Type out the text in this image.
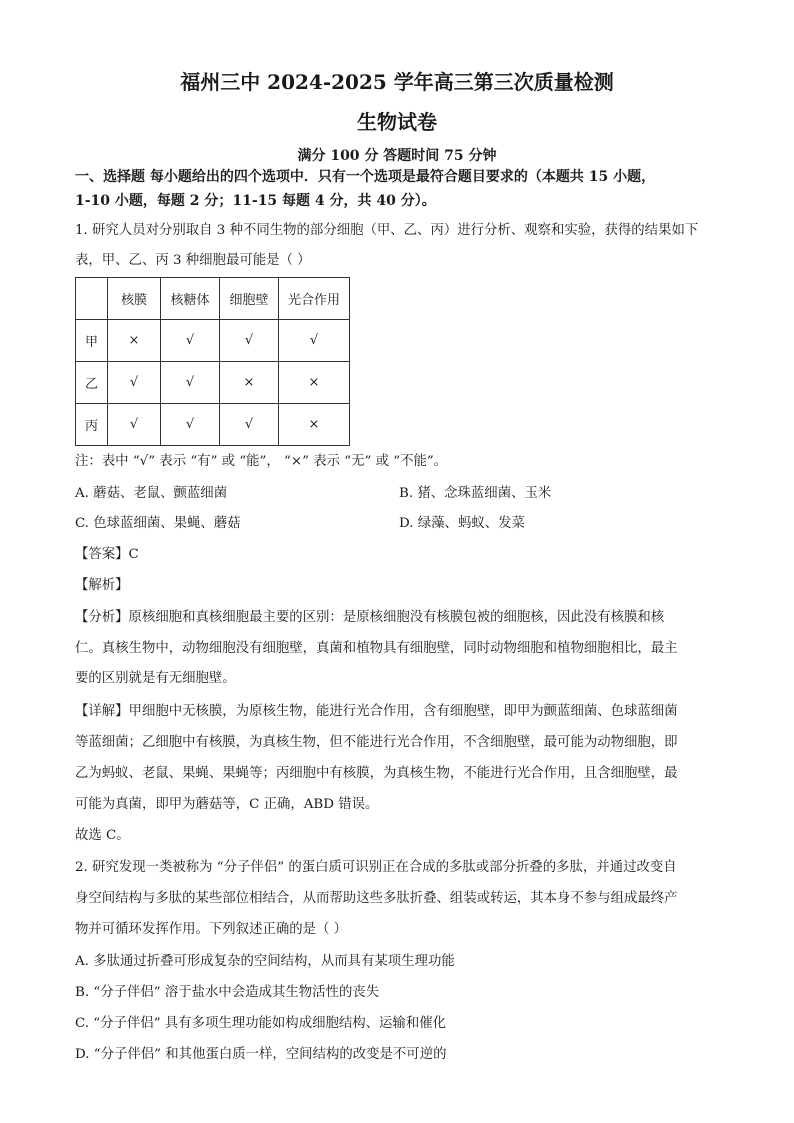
福州三中 2024-2025 学年高三第三次质量检测
生物试卷
满分 100 分 答题时间 75 分钟
一、选择题 每小题给出的四个选项中．只有一个选项是最符合题目要求的（本题共 15 小题，
1-10 小题，每题 2 分；11-15 每题 4 分，共 40 分）。
1. 研究人员对分别取自 3 种不同生物的部分细胞（甲、乙、丙）进行分析、观察和实验，获得的结果如下
表，甲、乙、丙 3 种细胞最可能是（ ）
	核膜	核糖体	细胞壁	光合作用
甲	×	√	√	√
乙	√	√	×	×
丙	√	√	√	×
注：表中 “√” 表示 “有” 或 “能”， “×” 表示 “无” 或 “不能”。
A. 蘑菇、老鼠、颤蓝细菌	B. 猪、念珠蓝细菌、玉米
C. 色球蓝细菌、果蝇、蘑菇	D. 绿藻、蚂蚁、发菜
【答案】C
【解析】
【分析】原核细胞和真核细胞最主要的区别：是原核细胞没有核膜包被的细胞核，因此没有核膜和核
仁。真核生物中，动物细胞没有细胞壁，真菌和植物具有细胞壁，同时动物细胞和植物细胞相比，最主
要的区别就是有无细胞壁。
【详解】甲细胞中无核膜，为原核生物，能进行光合作用，含有细胞壁，即甲为颤蓝细菌、色球蓝细菌
等蓝细菌；乙细胞中有核膜，为真核生物，但不能进行光合作用，不含细胞壁，最可能为动物细胞，即
乙为蚂蚁、老鼠、果蝇、果蝇等；丙细胞中有核膜，为真核生物，不能进行光合作用，且含细胞壁，最
可能为真菌，即甲为蘑菇等，C 正确，ABD 错误。
故选 C。
2. 研究发现一类被称为 “分子伴侣” 的蛋白质可识别正在合成的多肽或部分折叠的多肽，并通过改变自
身空间结构与多肽的某些部位相结合，从而帮助这些多肽折叠、组装或转运，其本身不参与组成最终产
物并可循环发挥作用。下列叙述正确的是（ ）
A. 多肽通过折叠可形成复杂的空间结构，从而具有某项生理功能
B. “分子伴侣” 溶于盐水中会造成其生物活性的丧失
C. “分子伴侣” 具有多项生理功能如构成细胞结构、运输和催化
D. “分子伴侣” 和其他蛋白质一样，空间结构的改变是不可逆的
